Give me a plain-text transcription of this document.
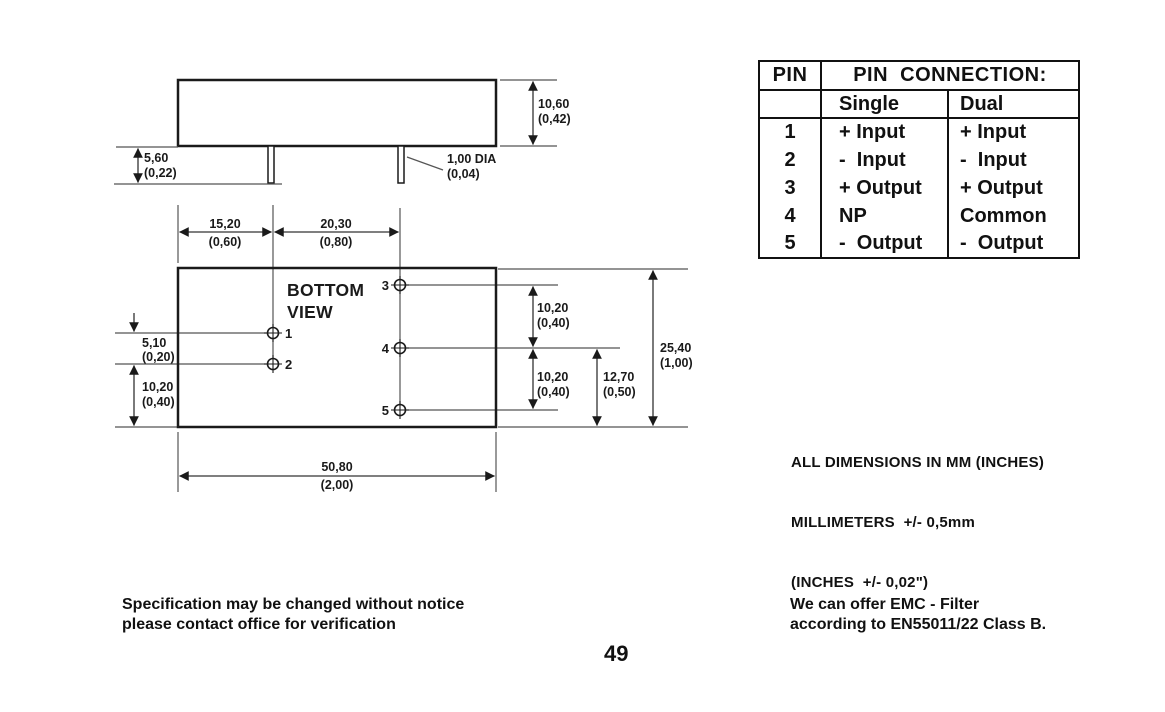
10,60
(0,42)
5,60
(0,22)
1,00 DIA
(0,04)
15,20
(0,60)
20,30
(0,80)
BOTTOM
VIEW
1
2
3
4
5
5,10
(0,20)
10,20
(0,40)
10,20
(0,40)
10,20
(0,40)
12,70
(0,50)
25,40
(1,00)
50,80
(2,00)
PIN	PIN  CONNECTION:	
	Single	Dual
1	+ Input	+ Input
2	-  Input	-  Input
3	+ Output	+ Output
4	NP	Common
5	-  Output	-  Output

ALL DIMENSIONS IN MM (INCHES)

MILLIMETERS  +/- 0,5mm

(INCHES  +/- 0,02")

Specification may be changed without notice
please contact office for verification
We can offer EMC - Filter
according to EN55011/22 Class B.
49
